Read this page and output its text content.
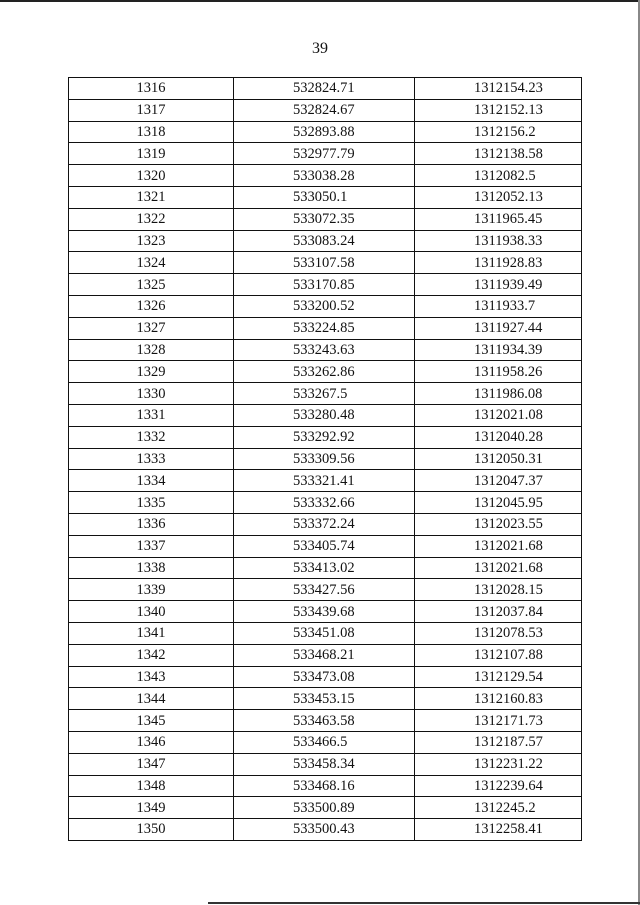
39
1316	532824.71	1312154.23
1317	532824.67	1312152.13
1318	532893.88	1312156.2
1319	532977.79	1312138.58
1320	533038.28	1312082.5
1321	533050.1	1312052.13
1322	533072.35	1311965.45
1323	533083.24	1311938.33
1324	533107.58	1311928.83
1325	533170.85	1311939.49
1326	533200.52	1311933.7
1327	533224.85	1311927.44
1328	533243.63	1311934.39
1329	533262.86	1311958.26
1330	533267.5	1311986.08
1331	533280.48	1312021.08
1332	533292.92	1312040.28
1333	533309.56	1312050.31
1334	533321.41	1312047.37
1335	533332.66	1312045.95
1336	533372.24	1312023.55
1337	533405.74	1312021.68
1338	533413.02	1312021.68
1339	533427.56	1312028.15
1340	533439.68	1312037.84
1341	533451.08	1312078.53
1342	533468.21	1312107.88
1343	533473.08	1312129.54
1344	533453.15	1312160.83
1345	533463.58	1312171.73
1346	533466.5	1312187.57
1347	533458.34	1312231.22
1348	533468.16	1312239.64
1349	533500.89	1312245.2
1350	533500.43	1312258.41
